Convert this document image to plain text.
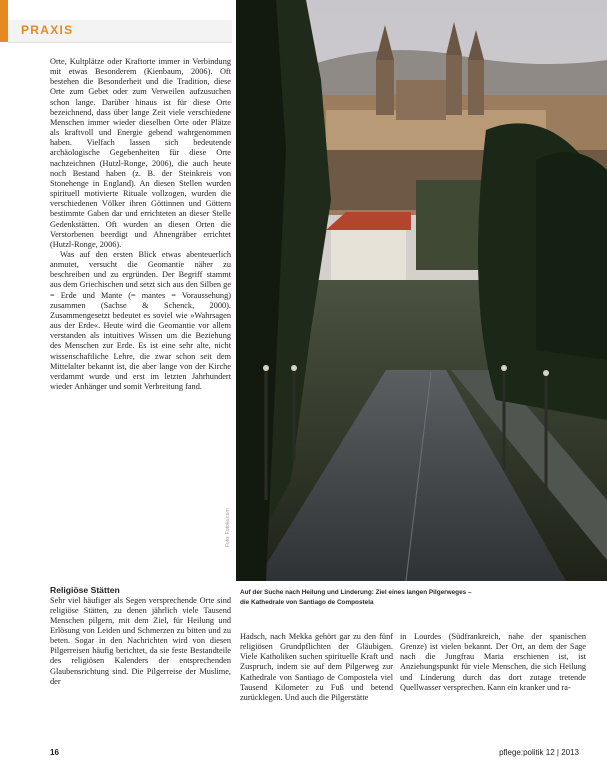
PRAXIS

Orte, Kultplätze oder Kraftorte immer in Verbindung mit etwas Besonderem (Kienbaum, 2006). Oft bestehen die Besonderheit und die Tradition, diese Orte zum Gebet oder zum Verweilen aufzusuchen schon lange. Darüber hinaus ist für diese Orte bezeichnend, dass über lange Zeit viele verschiedene Menschen immer wieder dieselben Orte oder Plätze als kraftvoll und Energie gebend wahrgenommen haben. Vielfach lassen sich bedeutende archäologische Gegebenheiten für diese Orte nachzeichnen (Hutzl-Ronge, 2006), die auch heute noch Bestand haben (z. B. der Steinkreis von Stonehenge in England). An diesen Stellen wurden spirituell motivierte Rituale vollzogen, wurden die verschiedenen Völker ihren Göttinnen und Göttern bestimmte Gaben dar und errichteten an dieser Stelle Gedenkstätten. Oft wurden an diesen Orten die Verstorbenen beerdigt und Ahnengräber errichtet (Hutzl-Ronge, 2006).

Was auf den ersten Blick etwas abenteuerlich anmutet, versucht die Geomantie näher zu beschreiben und zu ergründen. Der Begriff stammt aus dem Griechischen und setzt sich aus den Silben ge = Erde und Mante (= mantes = Voraussehung) zusammen (Sachse & Schenck, 2000). Zusammengesetzt bedeutet es soviel wie »Wahrsagen aus der Erde«. Heute wird die Geomantie vor allem verstanden als intuitives Wissen um die Beziehung des Menschen zur Erde. Es ist eine sehr alte, nicht wissenschaftliche Lehre, die zwar schon seit dem Mittelalter bekannt ist, die aber lange von der Kirche verdammt wurde und erst im letzten Jahrhundert wieder Anhänger und somit Verbreitung fand.

Religiöse Stätten

Sehr viel häufiger als Segen versprechende Orte sind religiöse Stätten, zu denen jährlich viele Tausend Menschen pilgern, mit dem Ziel, für Heilung und Erlösung von Leiden und Schmerzen zu bitten und zu beten. Sogar in den Nachrichten wird von diesen Pilgerreisen häufig berichtet, da sie feste Bestandteile des religiösen Kalenders der entsprechenden Glaubensrichtung sind. Die Pilgerreise der Muslime, der

Foto: Fotolia.com
Auf der Suche nach Heilung und Linderung: Ziel eines langen Pilgerweges –
die Kathedrale von Santiago de Compostela

Hadsch, nach Mekka gehört gar zu den fünf religiösen Grundpflichten der Gläubigen. Viele Katholiken suchen spirituelle Kraft und Zuspruch, indem sie auf dem Pilgerweg zur Kathedrale von Santiago de Compostela viel Tausend Kilometer zu Fuß und betend zurücklegen. Und auch die Pilgerstätte

in Lourdes (Südfrankreich, nahe der spanischen Grenze) ist vielen bekannt. Der Ort, an dem der Sage nach die Jungfrau Maria erschienen ist, ist Anziehungspunkt für viele Menschen, die sich Heilung und Linderung durch das dort zutage tretende Quellwasser versprechen. Kann ein kranker und ra-

16	pflege:politik 12 | 2013
